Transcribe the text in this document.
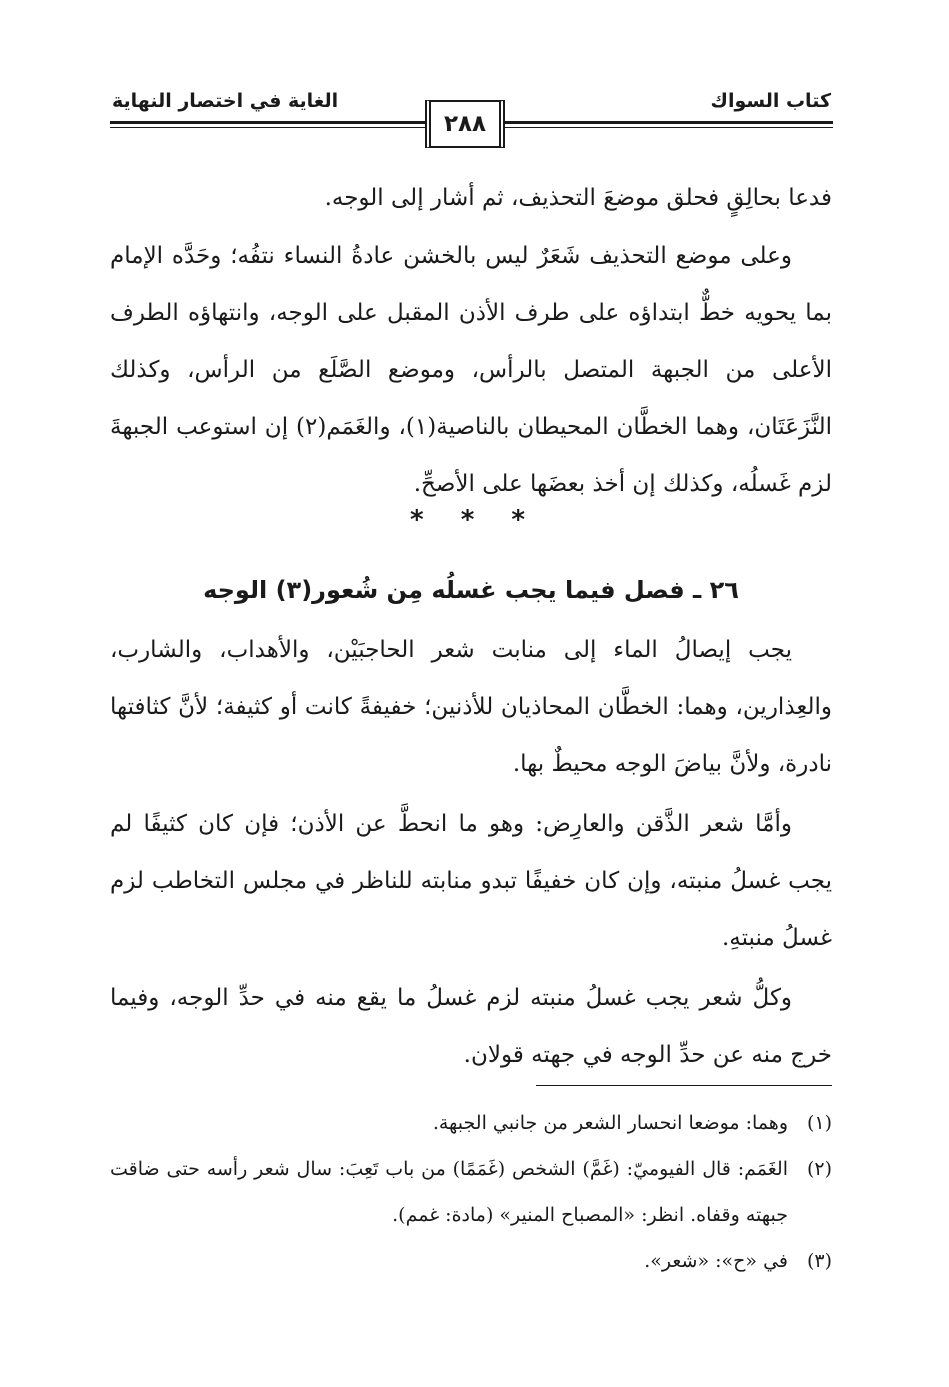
كتاب السواك
الغاية في اختصار النهاية
٢٨٨

فدعا بحالِقٍ فحلق موضعَ التحذيف، ثم أشار إلى الوجه.

وعلى موضع التحذيف شَعَرٌ ليس بالخشن عادةُ النساء نتفُه؛ وحَدَّه الإمام بما يحويه خطٌّ ابتداؤه على طرف الأذن المقبل على الوجه، وانتهاؤه الطرف الأعلى من الجبهة المتصل بالرأس، وموضع الصَّلَع من الرأس، وكذلك النَّزَعَتَان، وهما الخطَّان المحيطان بالناصية(١)، والغَمَم(٢) إن استوعب الجبهةَ لزم غَسلُه، وكذلك إن أخذ بعضَها على الأصحِّ.

* * *
٢٦ ـ فصل فيما يجب غسلُه مِن شُعور(٣) الوجه

يجب إيصالُ الماء إلى منابت شعر الحاجبَيْن، والأهداب، والشارب، والعِذارين، وهما: الخطَّان المحاذيان للأذنين؛ خفيفةً كانت أو كثيفة؛ لأنَّ كثافتها نادرة، ولأنَّ بياضَ الوجه محيطٌ بها.

وأمَّا شعر الذَّقن والعارِض: وهو ما انحطَّ عن الأذن؛ فإن كان كثيفًا لم يجب غسلُ منبته، وإن كان خفيفًا تبدو منابته للناظر في مجلس التخاطب لزم غسلُ منبتهِ.

وكلُّ شعر يجب غسلُ منبته لزم غسلُ ما يقع منه في حدِّ الوجه، وفيما خرج منه عن حدِّ الوجه في جهته قولان.

(١)
وهما: موضعا انحسار الشعر من جانبي الجبهة.
(٢)
الغَمَم: قال الفيوميّ: (غَمَّ) الشخص (غَمَمًا) من باب تَعِبَ: سال شعر رأسه حتى ضاقت جبهته وقفاه. انظر: «المصباح المنير» (مادة: غمم).
(٣)
في «ح»: «شعر».
